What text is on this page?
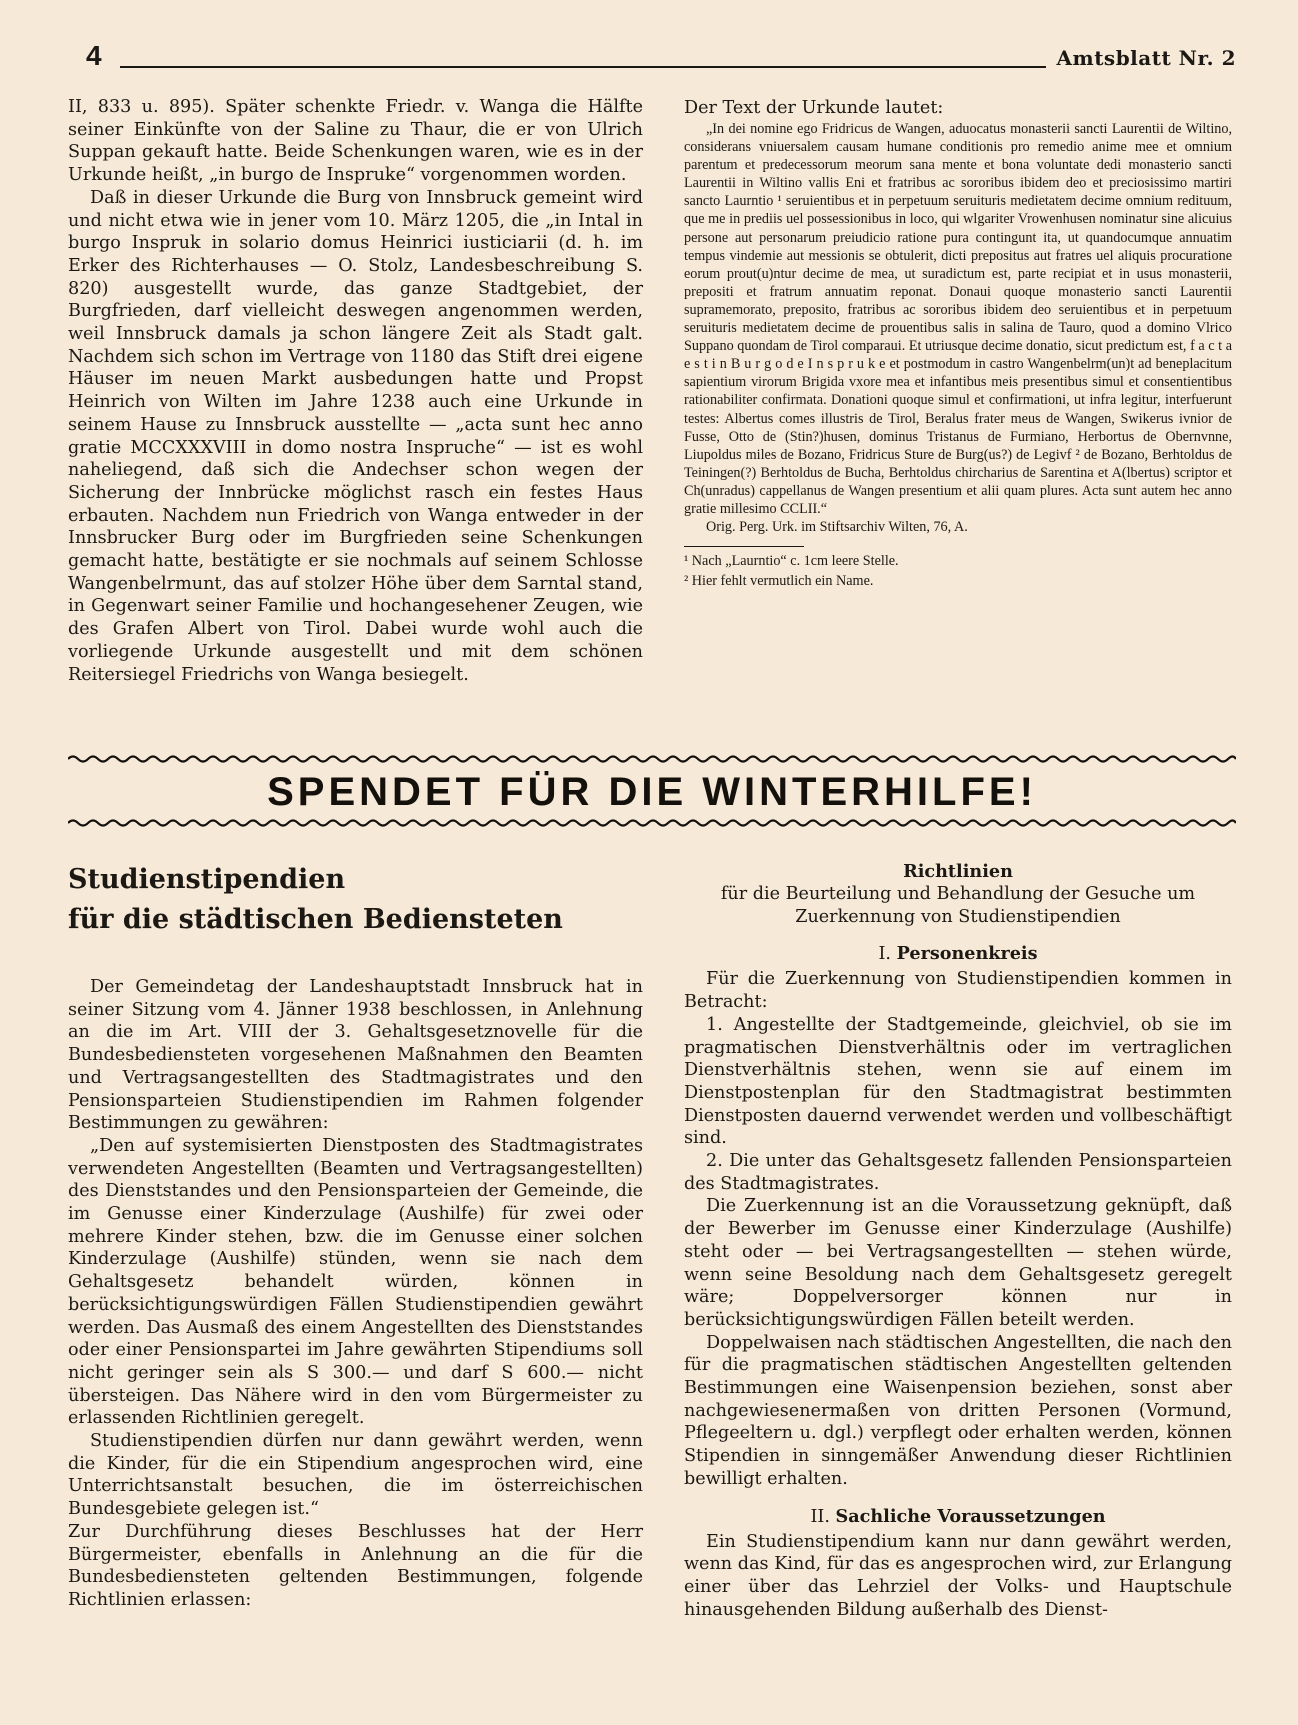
4	Amtsblatt Nr. 2

II, 833 u. 895). Später schenkte Friedr. v. Wanga die Hälfte seiner Einkünfte von der Saline zu Thaur, die er von Ulrich Suppan gekauft hatte. Beide Schenkungen waren, wie es in der Urkunde heißt, „in burgo de Inspruke“ vorgenommen worden.

Daß in dieser Urkunde die Burg von Innsbruck gemeint wird und nicht etwa wie in jener vom 10. März 1205, die „in Intal in burgo Inspruk in solario domus Heinrici iusticiarii (d. h. im Erker des Richterhauses — O. Stolz, Landesbeschreibung S. 820) ausgestellt wurde, das ganze Stadtgebiet, der Burgfrieden, darf vielleicht deswegen angenommen werden, weil Innsbruck damals ja schon längere Zeit als Stadt galt. Nachdem sich schon im Vertrage von 1180 das Stift drei eigene Häuser im neuen Markt ausbedungen hatte und Propst Heinrich von Wilten im Jahre 1238 auch eine Urkunde in seinem Hause zu Innsbruck ausstellte — „acta sunt hec anno gratie MCCXXXVIII in domo nostra Inspruche“ — ist es wohl naheliegend, daß sich die Andechser schon wegen der Sicherung der Innbrücke möglichst rasch ein festes Haus erbauten. Nachdem nun Friedrich von Wanga entweder in der Innsbrucker Burg oder im Burgfrieden seine Schenkungen gemacht hatte, bestätigte er sie nochmals auf seinem Schlosse Wangenbelrmunt, das auf stolzer Höhe über dem Sarntal stand, in Gegenwart seiner Familie und hochangesehener Zeugen, wie des Grafen Albert von Tirol. Dabei wurde wohl auch die vorliegende Urkunde ausgestellt und mit dem schönen Reitersiegel Friedrichs von Wanga besiegelt.

Der Text der Urkunde lautet:

„In dei nomine ego Fridricus de Wangen, aduocatus monasterii sancti Laurentii de Wiltino, considerans vniuersalem causam humane conditionis pro remedio anime mee et omnium parentum et predecessorum meorum sana mente et bona voluntate dedi monasterio sancti Laurentii in Wiltino vallis Eni et fratribus ac sororibus ibidem deo et preciosissimo martiri sancto Laurntio ¹ seruientibus et in perpetuum seruituris medietatem decime omnium redituum, que me in prediis uel possessionibus in loco, qui wlgariter Vrowenhusen nominatur sine alicuius persone aut personarum preiudicio ratione pura contingunt ita, ut quandocumque annuatim tempus vindemie aut messionis se obtulerit, dicti prepositus aut fratres uel aliquis procuratione eorum prout(u)ntur decime de mea, ut suradictum est, parte recipiat et in usus monasterii, prepositi et fratrum annuatim reponat. Donaui quoque monasterio sancti Laurentii supramemorato, preposito, fratribus ac sororibus ibidem deo seruientibus et in perpetuum seruituris medietatem decime de prouentibus salis in salina de Tauro, quod a domino Vlrico Suppano quondam de Tirol comparaui. Et utriusque decime donatio, sicut predictum est, f a c t a e s t i n B u r g o d e I n s p r u k e et postmodum in castro Wangenbelrm(un)t ad beneplacitum sapientium virorum Brigida vxore mea et infantibus meis presentibus simul et consentientibus rationabiliter confirmata. Donationi quoque simul et confirmationi, ut infra legitur, interfuerunt testes: Albertus comes illustris de Tirol, Beralus frater meus de Wangen, Swikerus ivnior de Fusse, Otto de (Stin?)husen, dominus Tristanus de Furmiano, Herbortus de Obernvnne, Liupoldus miles de Bozano, Fridricus Sture de Burg(us?) de Legivf ² de Bozano, Berhtoldus de Teiningen(?) Berhtoldus de Bucha, Berhtoldus chircharius de Sarentina et A(lbertus) scriptor et Ch(unradus) cappellanus de Wangen presentium et alii quam plures. Acta sunt autem hec anno gratie millesimo CCLII.“

Orig. Perg. Urk. im Stiftsarchiv Wilten, 76, A.

¹ Nach „Laurntio“ c. 1cm leere Stelle.

² Hier fehlt vermutlich ein Name.

SPENDET FÜR DIE WINTERHILFE!
Studienstipendien
für die städtischen Bediensteten

Der Gemeindetag der Landeshauptstadt Innsbruck hat in seiner Sitzung vom 4. Jänner 1938 beschlossen, in Anlehnung an die im Art. VIII der 3. Gehaltsgesetznovelle für die Bundesbediensteten vorgesehenen Maßnahmen den Beamten und Vertragsangestellten des Stadtmagistrates und den Pensionsparteien Studienstipendien im Rahmen folgender Bestimmungen zu gewähren:

„Den auf systemisierten Dienstposten des Stadtmagistrates verwendeten Angestellten (Beamten und Vertragsangestellten) des Dienststandes und den Pensionsparteien der Gemeinde, die im Genusse einer Kinderzulage (Aushilfe) für zwei oder mehrere Kinder stehen, bzw. die im Genusse einer solchen Kinderzulage (Aushilfe) stünden, wenn sie nach dem Gehaltsgesetz behandelt würden, können in berücksichtigungswürdigen Fällen Studienstipendien gewährt werden. Das Ausmaß des einem Angestellten des Dienststandes oder einer Pensionspartei im Jahre gewährten Stipendiums soll nicht geringer sein als S 300.— und darf S 600.— nicht übersteigen. Das Nähere wird in den vom Bürgermeister zu erlassenden Richtlinien geregelt.

Studienstipendien dürfen nur dann gewährt werden, wenn die Kinder, für die ein Stipendium angesprochen wird, eine Unterrichtsanstalt besuchen, die im österreichischen Bundesgebiete gelegen ist.“

Zur Durchführung dieses Beschlusses hat der Herr Bürgermeister, ebenfalls in Anlehnung an die für die Bundesbediensteten geltenden Bestimmungen, folgende Richtlinien erlassen:

Richtlinien

für die Beurteilung und Behandlung der Gesuche um Zuerkennung von Studienstipendien

I. Personenkreis

Für die Zuerkennung von Studienstipendien kommen in Betracht:

1. Angestellte der Stadtgemeinde, gleichviel, ob sie im pragmatischen Dienstverhältnis oder im vertraglichen Dienstverhältnis stehen, wenn sie auf einem im Dienstpostenplan für den Stadtmagistrat bestimmten Dienstposten dauernd verwendet werden und vollbeschäftigt sind.

2. Die unter das Gehaltsgesetz fallenden Pensionsparteien des Stadtmagistrates.

Die Zuerkennung ist an die Voraussetzung geknüpft, daß der Bewerber im Genusse einer Kinderzulage (Aushilfe) steht oder — bei Vertragsangestellten — stehen würde, wenn seine Besoldung nach dem Gehaltsgesetz geregelt wäre; Doppelversorger können nur in berücksichtigungswürdigen Fällen beteilt werden.

Doppelwaisen nach städtischen Angestellten, die nach den für die pragmatischen städtischen Angestellten geltenden Bestimmungen eine Waisenpension beziehen, sonst aber nachgewiesenermaßen von dritten Personen (Vormund, Pflegeeltern u. dgl.) verpflegt oder erhalten werden, können Stipendien in sinngemäßer Anwendung dieser Richtlinien bewilligt erhalten.

II. Sachliche Voraussetzungen

Ein Studienstipendium kann nur dann gewährt werden, wenn das Kind, für das es angesprochen wird, zur Erlangung einer über das Lehrziel der Volks- und Hauptschule hinausgehenden Bildung außerhalb des Dienst-
